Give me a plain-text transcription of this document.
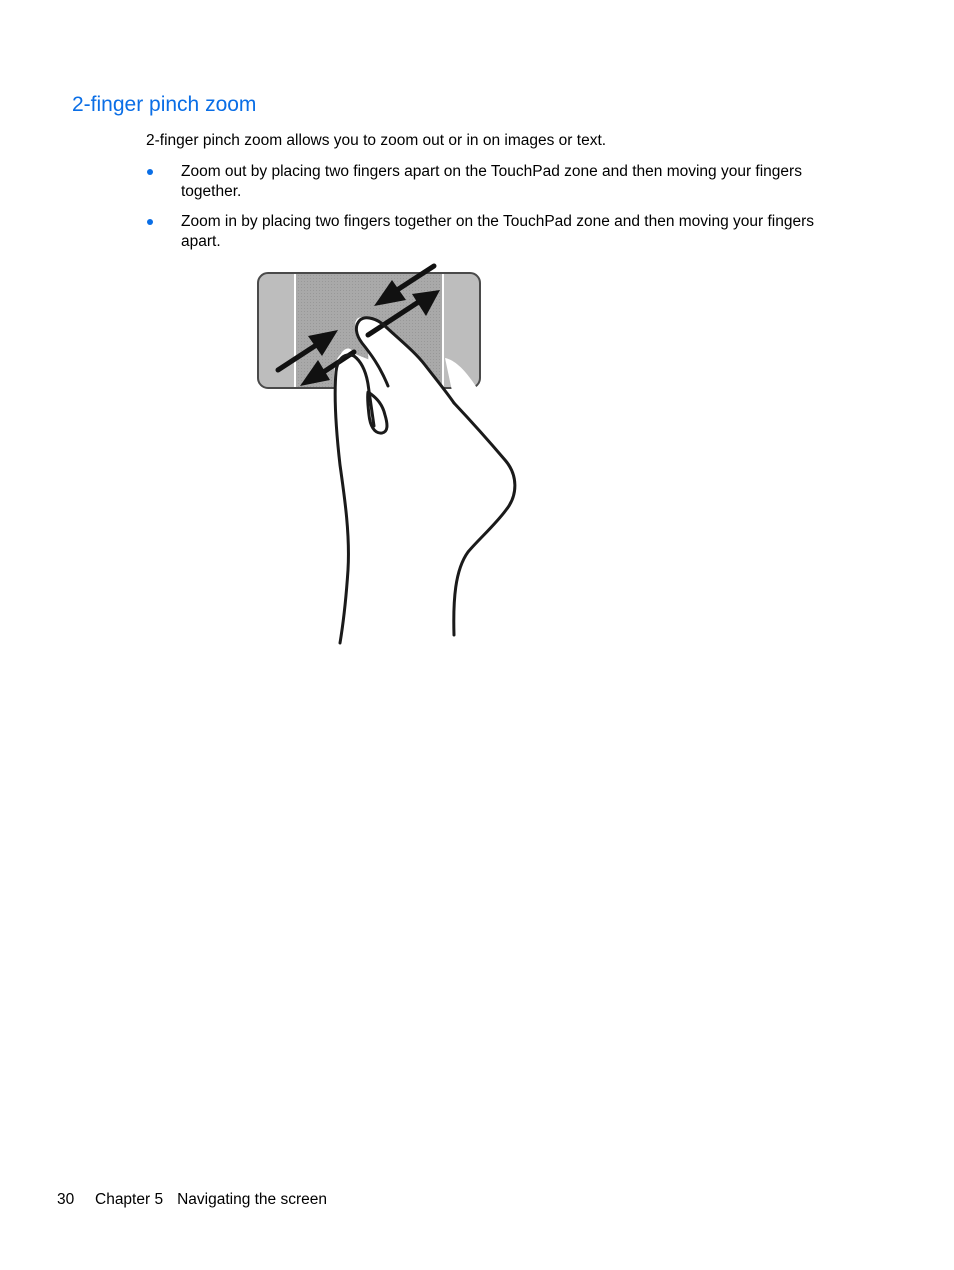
2-finger pinch zoom

2-finger pinch zoom allows you to zoom out or in on images or text.

Zoom out by placing two fingers apart on the TouchPad zone and then moving your fingers together.
Zoom in by placing two fingers together on the TouchPad zone and then moving your fingers apart.
30 Chapter 5 Navigating the screen
